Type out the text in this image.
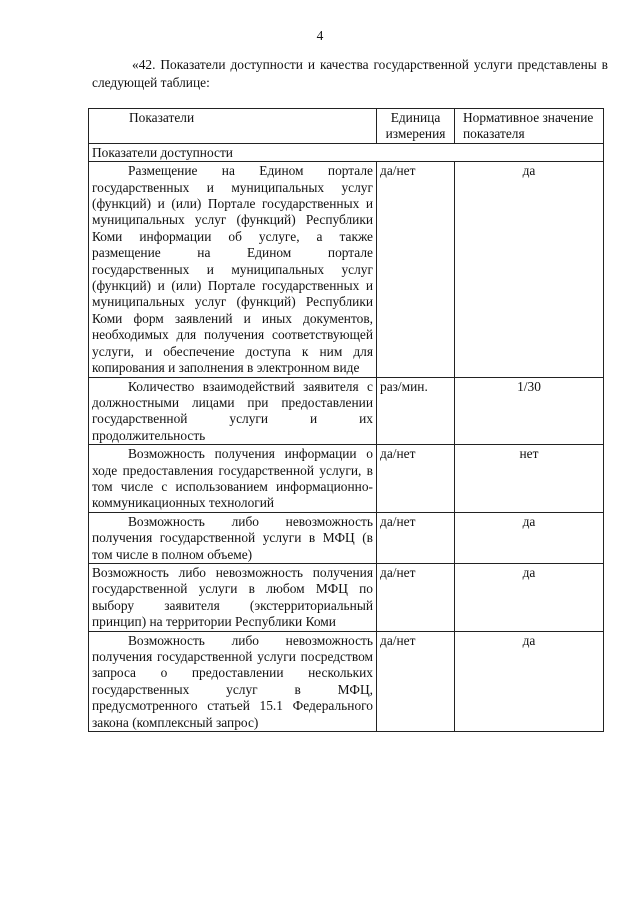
4

«42. Показатели доступности и качества государственной услуги представлены в следующей таблице:

Показатели	Единица измерения	Нормативное значение показателя
Показатели доступности		
Размещение на Едином портале государственных и муниципальных услуг (функций) и (или) Портале государственных и муниципальных услуг (функций) Республики Коми информации об услуге, а также размещение на Едином портале государственных и муниципальных услуг (функций) и (или) Портале государственных и муниципальных услуг (функций) Республики Коми форм заявлений и иных документов, необходимых для получения соответствующей услуги, и обеспечение доступа к ним для копирования и заполнения в электронном виде	да/нет	да
Количество взаимодействий заявителя с должностными лицами при предоставлении государственной услуги и их продолжительность	раз/мин.	1/30
Возможность получения информации о ходе предоставления государственной услуги, в том числе с использованием информационно-коммуникационных технологий	да/нет	нет
Возможность либо невозможность получения государственной услуги в МФЦ (в том числе в полном объеме)	да/нет	да
Возможность либо невозможность получения государственной услуги в любом МФЦ по выбору заявителя (экстерриториальный принцип) на территории Республики Коми	да/нет	да
Возможность либо невозможность получения государственной услуги посредством запроса о предоставлении нескольких государственных услуг в МФЦ, предусмотренного статьей 15.1 Федерального закона (комплексный запрос)	да/нет	да
